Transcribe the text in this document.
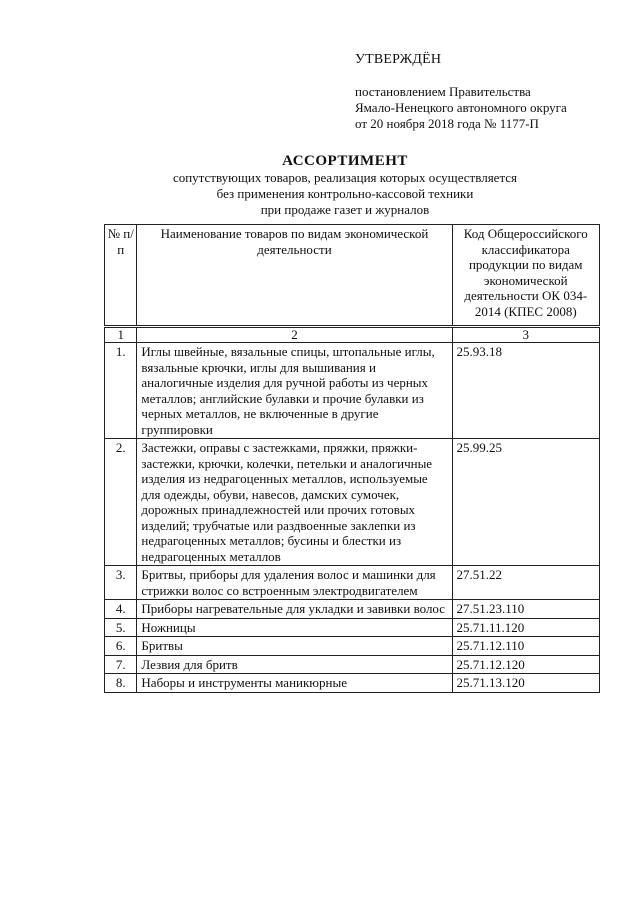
УТВЕРЖДЁН
постановлением Правительства
Ямало-Ненецкого автономного округа
от 20 ноября 2018 года № 1177-П
АССОРТИМЕНТ
сопутствующих товаров, реализация которых осуществляется
без применения контрольно-кассовой техники
при продаже газет и журналов
№ п/п	Наименование товаров по видам экономической деятельности	Код Общероссийского классификатора продукции по видам экономической деятельности ОК 034-2014 (КПЕС 2008)
1	2	3
1.	Иглы швейные, вязальные спицы, штопальные иглы, вязальные крючки, иглы для вышивания и аналогичные изделия для ручной работы из черных металлов; английские булавки и прочие булавки из черных металлов, не включенные в другие группировки	25.93.18
2.	Застежки, оправы с застежками, пряжки, пряжки-застежки, крючки, колечки, петельки и аналогичные изделия из недрагоценных металлов, используемые для одежды, обуви, навесов, дамских сумочек, дорожных принадлежностей или прочих готовых изделий; трубчатые или раздвоенные заклепки из недрагоценных металлов; бусины и блестки из недрагоценных металлов	25.99.25
3.	Бритвы, приборы для удаления волос и машинки для стрижки волос со встроенным электродвигателем	27.51.22
4.	Приборы нагревательные для укладки и завивки волос	27.51.23.110
5.	Ножницы	25.71.11.120
6.	Бритвы	25.71.12.110
7.	Лезвия для бритв	25.71.12.120
8.	Наборы и инструменты маникюрные	25.71.13.120
